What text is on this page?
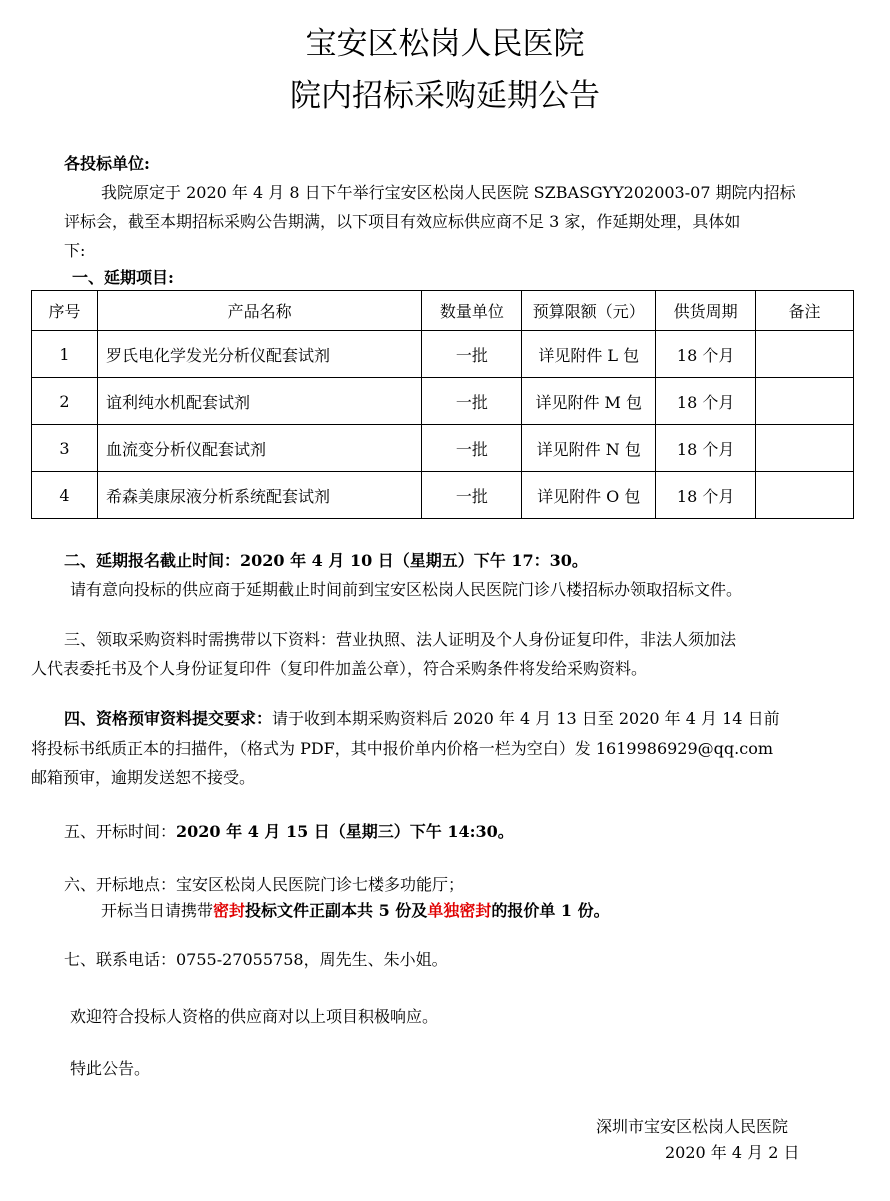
宝安区松岗人民医院
院内招标采购延期公告
各投标单位:
我院原定于 2020 年 4 月 8 日下午举行宝安区松岗人民医院 SZBASGYY202003-07 期院内招标
评标会，截至本期招标采购公告期满，以下项目有效应标供应商不足 3 家，作延期处理，具体如
下:
一、延期项目:
序号	产品名称	数量单位	预算限额（元）	供货周期	备注
1	罗氏电化学发光分析仪配套试剂	一批	详见附件 L 包	18 个月	
2	谊利纯水机配套试剂	一批	详见附件 M 包	18 个月	
3	血流变分析仪配套试剂	一批	详见附件 N 包	18 个月	
4	希森美康尿液分析系统配套试剂	一批	详见附件 O 包	18 个月	
二、延期报名截止时间：2020 年 4 月 10 日（星期五）下午 17：30。
请有意向投标的供应商于延期截止时间前到宝安区松岗人民医院门诊八楼招标办领取招标文件。
三、领取采购资料时需携带以下资料：营业执照、法人证明及个人身份证复印件，非法人须加法
人代表委托书及个人身份证复印件（复印件加盖公章），符合采购条件将发给采购资料。
四、资格预审资料提交要求：请于收到本期采购资料后 2020 年 4 月 13 日至 2020 年 4 月 14 日前
将投标书纸质正本的扫描件，（格式为 PDF，其中报价单内价格一栏为空白）发 1619986929@qq.com
邮箱预审，逾期发送恕不接受。
五、开标时间：2020 年 4 月 15 日（星期三）下午 14:30。
六、开标地点：宝安区松岗人民医院门诊七楼多功能厅；
开标当日请携带密封投标文件正副本共 5 份及单独密封的报价单 1 份。
七、联系电话：0755-27055758，周先生、朱小姐。
欢迎符合投标人资格的供应商对以上项目积极响应。
特此公告。
深圳市宝安区松岗人民医院
2020 年 4 月 2 日
